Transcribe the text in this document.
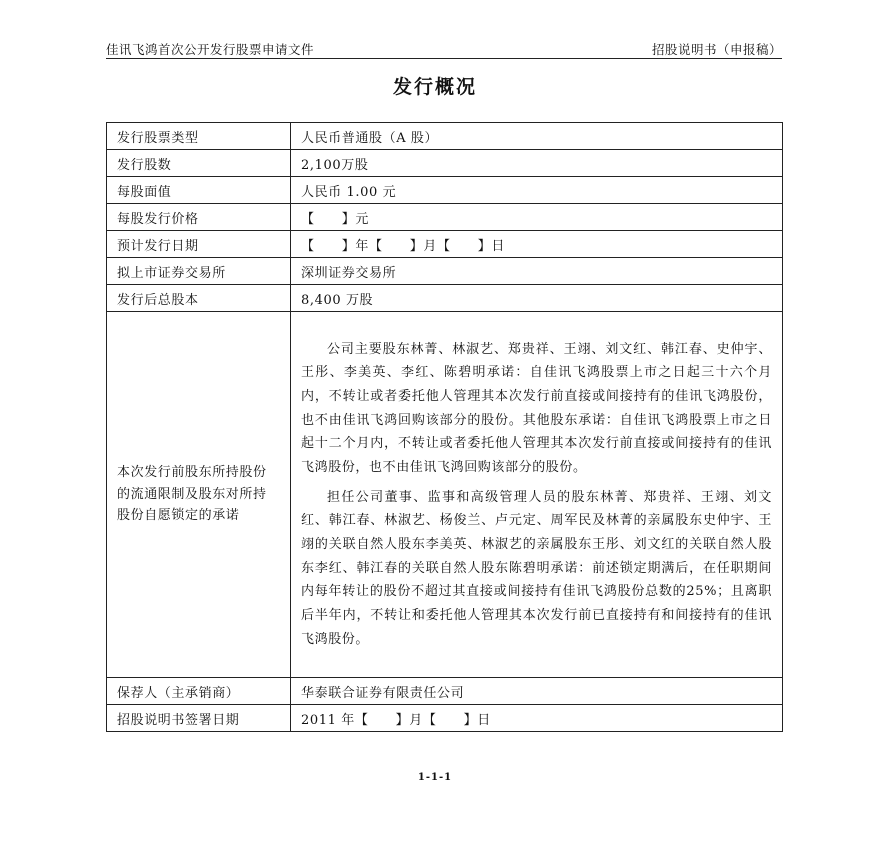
佳讯飞鸿首次公开发行股票申请文件	招股说明书（申报稿）
发行概况
发行股票类型	人民币普通股（A 股）
发行股数	2,100万股
每股面值	人民币 1.00 元
每股发行价格	【　　】元
预计发行日期	【　　】年【　　】月【　　】日
拟上市证券交易所	深圳证券交易所
发行后总股本	8,400 万股
本次发行前股东所持股份的流通限制及股东对所持股份自愿锁定的承诺	公司主要股东林菁、林淑艺、郑贵祥、王翊、刘文红、韩江春、史仲宇、王彤、李美英、李红、陈碧明承诺：自佳讯飞鸿股票上市之日起三十六个月内，不转让或者委托他人管理其本次发行前直接或间接持有的佳讯飞鸿股份，也不由佳讯飞鸿回购该部分的股份。其他股东承诺：自佳讯飞鸿股票上市之日起十二个月内，不转让或者委托他人管理其本次发行前直接或间接持有的佳讯飞鸿股份，也不由佳讯飞鸿回购该部分的股份。

担任公司董事、监事和高级管理人员的股东林菁、郑贵祥、王翊、刘文红、韩江春、林淑艺、杨俊兰、卢元定、周军民及林菁的亲属股东史仲宇、王翊的关联自然人股东李美英、林淑艺的亲属股东王彤、刘文红的关联自然人股东李红、韩江春的关联自然人股东陈碧明承诺：前述锁定期满后，在任职期间内每年转让的股份不超过其直接或间接持有佳讯飞鸿股份总数的25%；且离职后半年内，不转让和委托他人管理其本次发行前已直接持有和间接持有的佳讯飞鸿股份。

保荐人（主承销商）	华泰联合证券有限责任公司
招股说明书签署日期	2011 年【　　】月【　　】日
1-1-1
